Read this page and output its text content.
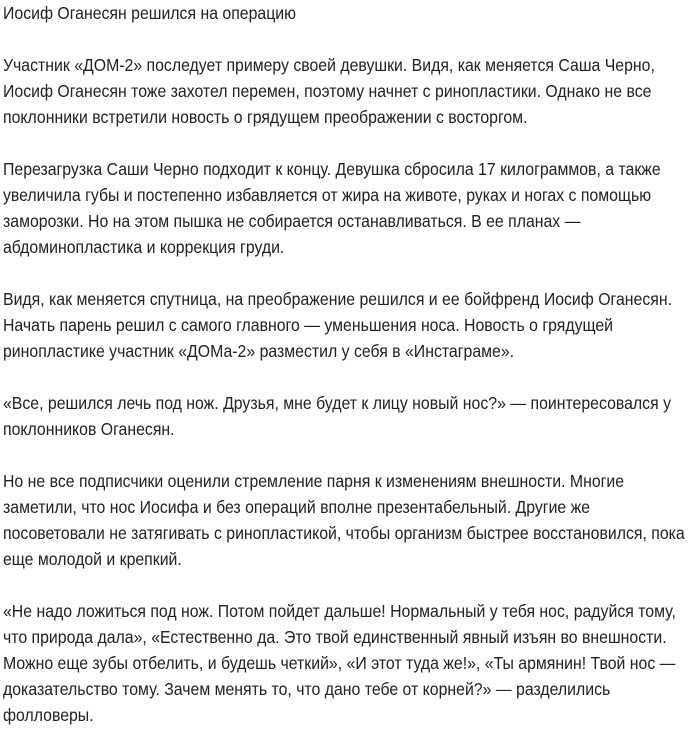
Иосиф Оганесян решился на операцию

Участник «ДОМ-2» последует примеру своей девушки. Видя, как меняется Саша Черно, Иосиф Оганесян тоже захотел перемен, поэтому начнет с ринопластики. Однако не все поклонники встретили новость о грядущем преображении с восторгом.

Перезагрузка Саши Черно подходит к концу. Девушка сбросила 17 килограммов, а также увеличила губы и постепенно избавляется от жира на животе, руках и ногах с помощью заморозки. Но на этом пышка не собирается останавливаться. В ее планах — абдоминопластика и коррекция груди.

Видя, как меняется спутница, на преображение решился и ее бойфренд Иосиф Оганесян. Начать парень решил с самого главного — уменьшения носа. Новость о грядущей ринопластике участник «ДОМа-2» разместил у себя в «Инстаграме».

«Все, решился лечь под нож. Друзья, мне будет к лицу новый нос?» — поинтересовался у поклонников Оганесян.

Но не все подписчики оценили стремление парня к изменениям внешности. Многие заметили, что нос Иосифа и без операций вполне презентабельный. Другие же посоветовали не затягивать с ринопластикой, чтобы организм быстрее восстановился, пока еще молодой и крепкий.

«Не надо ложиться под нож. Потом пойдет дальше! Нормальный у тебя нос, радуйся тому, что природа дала», «Естественно да. Это твой единственный явный изъян во внешности. Можно еще зубы отбелить, и будешь четкий», «И этот туда же!», «Ты армянин! Твой нос — доказательство тому. Зачем менять то, что дано тебе от корней?» — разделились фолловеры.
